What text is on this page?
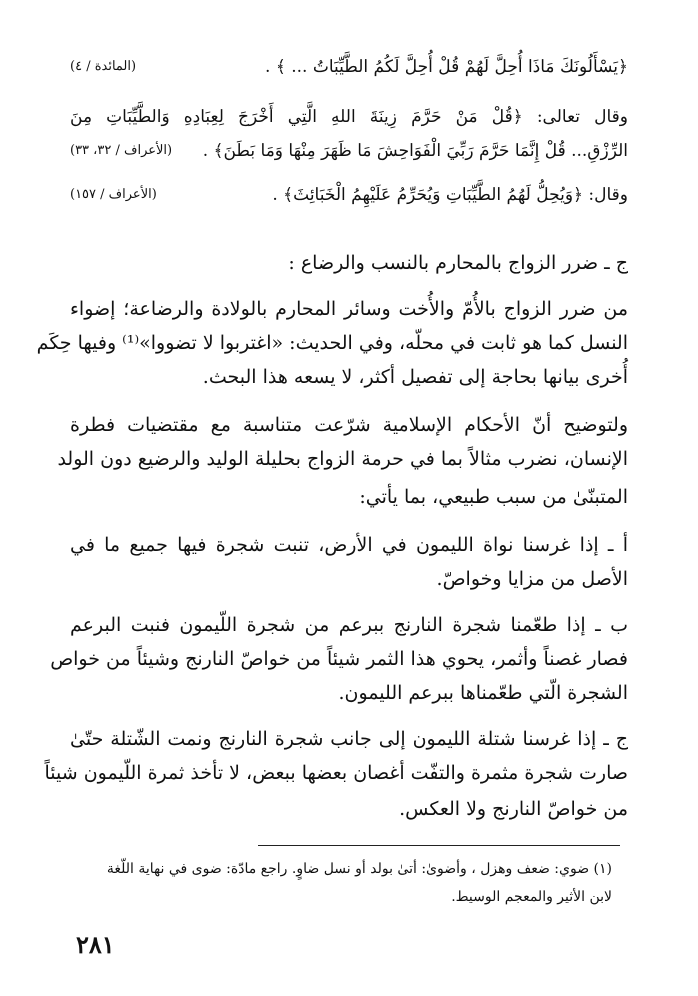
﴿يَسْأَلُونَكَ مَاذَا أُحِلَّ لَهُمْ قُلْ أُحِلَّ لَكُمُ الطَّيِّبَاتُ ... ﴾ .
(المائدة / ٤)
وقال تعالى: ﴿قُلْ مَنْ حَرَّمَ زِينَةَ اللهِ الَّتِي أَخْرَجَ لِعِبَادِهِ وَالطَّيِّبَاتِ مِنَ
الرِّزْقِ... قُلْ إِنَّمَا حَرَّمَ رَبِّيَ الْفَوَاحِشَ مَا ظَهَرَ مِنْهَا وَمَا بَطَنَ﴾ .
(الأعراف / ٣٢، ٣٣)
وقال: ﴿وَيُحِلُّ لَهُمُ الطَّيِّبَاتِ وَيُحَرِّمُ عَلَيْهِمُ الْخَبَائِثَ﴾ .
(الأعراف / ١٥٧)
ج ـ ضرر الزواج بالمحارم بالنسب والرضاع :
من ضرر الزواج بالأُمّ والأُخت وسائر المحارم بالولادة والرضاعة؛ إضواء
النسل كما هو ثابت في محلّه، وفي الحديث: «اغتربوا لا تضووا»⁽¹⁾ وفيها حِكَم
أُخرى بيانها بحاجة إلى تفصيل أكثر، لا يسعه هذا البحث.
ولتوضيح أنّ الأحكام الإسلامية شرّعت متناسبة مع مقتضيات فطرة
الإنسان، نضرب مثالاً بما في حرمة الزواج بحليلة الوليد والرضيع دون الولد
المتبنّىٰ من سبب طبيعي، بما يأتي:
أ ـ إذا غرسنا نواة الليمون في الأرض، تنبت شجرة فيها جميع ما في
الأصل من مزايا وخواصّ.
ب ـ إذا طعّمنا شجرة النارنج ببرعم من شجرة اللّيمون فنبت البرعم
فصار غصناً وأثمر، يحوي هذا الثمر شيئاً من خواصّ النارنج وشيئاً من خواص
الشجرة الّتي طعّمناها ببرعم الليمون.
ج ـ إذا غرسنا شتلة الليمون إلى جانب شجرة النارنج ونمت الشّتلة حتّىٰ
صارت شجرة مثمرة والتفّت أغصان بعضها ببعض، لا تأخذ ثمرة اللّيمون شيئاً
من خواصّ النارنج ولا العكس.
(١) ضوي: ضعف وهزل ، وأضوىٰ: أتىٰ بولد أو نسل ضاوٍ. راجع مادّة: ضوى في نهاية اللّغة
لابن الأثير والمعجم الوسيط.
٢٨١
